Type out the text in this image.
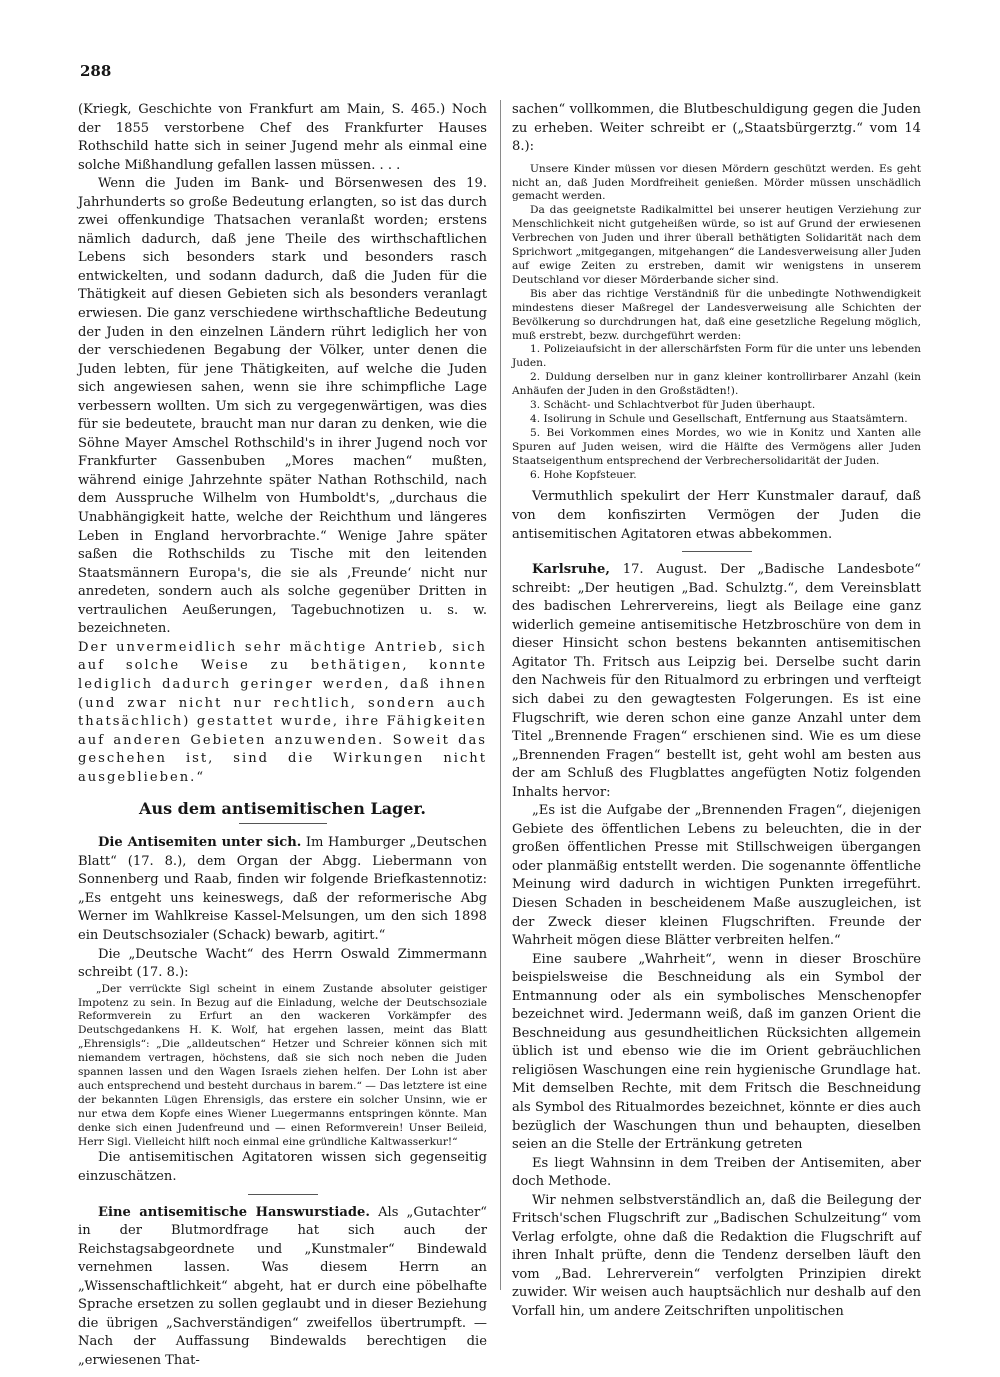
288

(Kriegk, Geschichte von Frankfurt am Main, S. 465.) Noch der 1855 verstorbene Chef des Frankfurter Hauses Rothschild hatte sich in seiner Jugend mehr als einmal eine solche Mißhandlung gefallen lassen müssen. . . .

Wenn die Juden im Bank- und Börsenwesen des 19. Jahrhunderts so große Bedeutung erlangten, so ist das durch zwei offenkundige Thatsachen veranlaßt worden; erstens nämlich dadurch, daß jene Theile des wirthschaftlichen Lebens sich besonders stark und besonders rasch entwickelten, und sodann dadurch, daß die Juden für die Thätigkeit auf diesen Gebieten sich als besonders veranlagt erwiesen. Die ganz verschiedene wirthschaftliche Bedeutung der Juden in den einzelnen Ländern rührt lediglich her von der verschiedenen Begabung der Völker, unter denen die Juden lebten, für jene Thätigkeiten, auf welche die Juden sich angewiesen sahen, wenn sie ihre schimpfliche Lage verbessern wollten. Um sich zu vergegenwärtigen, was dies für sie bedeutete, braucht man nur daran zu denken, wie die Söhne Mayer Amschel Rothschild's in ihrer Jugend noch vor Frankfurter Gassenbuben „Mores machen“ mußten, während einige Jahrzehnte später Nathan Rothschild, nach dem Ausspruche Wilhelm von Humboldt's, „durchaus die Unabhängigkeit hatte, welche der Reichthum und längeres Leben in England hervorbrachte.“ Wenige Jahre später saßen die Rothschilds zu Tische mit den leitenden Staatsmännern Europa's, die sie als ‚Freunde‘ nicht nur anredeten, sondern auch als solche gegenüber Dritten in vertraulichen Aeußerungen, Tagebuchnotizen u. s. w. bezeichneten.

Der unvermeidlich sehr mächtige Antrieb, sich auf solche Weise zu bethätigen, konnte lediglich dadurch geringer werden, daß ihnen (und zwar nicht nur rechtlich, sondern auch thatsächlich) gestattet wurde, ihre Fähigkeiten auf anderen Gebieten anzuwenden. Soweit das geschehen ist, sind die Wirkungen nicht ausgeblieben.“

Aus dem antisemitischen Lager.

Die Antisemiten unter sich. Im Hamburger „Deutschen Blatt“ (17. 8.), dem Organ der Abgg. Liebermann von Sonnenberg und Raab, finden wir folgende Briefkastennotiz: „Es entgeht uns keineswegs, daß der reformerische Abg Werner im Wahlkreise Kassel-Melsungen, um den sich 1898 ein Deutschsozialer (Schack) bewarb, agitirt.“

Die „Deutsche Wacht“ des Herrn Oswald Zimmermann schreibt (17. 8.):

„Der verrückte Sigl scheint in einem Zustande absoluter geistiger Impotenz zu sein. In Bezug auf die Einladung, welche der Deutschsoziale Reformverein zu Erfurt an den wackeren Vorkämpfer des Deutschgedankens H. K. Wolf, hat ergehen lassen, meint das Blatt „Ehrensigls“: „Die „alldeutschen“ Hetzer und Schreier können sich mit niemandem vertragen, höchstens, daß sie sich noch neben die Juden spannen lassen und den Wagen Israels ziehen helfen. Der Lohn ist aber auch entsprechend und besteht durchaus in barem.“ — Das letztere ist eine der bekannten Lügen Ehrensigls, das erstere ein solcher Unsinn, wie er nur etwa dem Kopfe eines Wiener Luegermanns entspringen könnte. Man denke sich einen Judenfreund und — einen Reformverein! Unser Beileid, Herr Sigl. Vielleicht hilft noch einmal eine gründliche Kaltwasserkur!“

Die antisemitischen Agitatoren wissen sich gegenseitig einzuschätzen.

Eine antisemitische Hanswurstiade. Als „Gutachter“ in der Blutmordfrage hat sich auch der Reichstagsabgeordnete und „Kunstmaler“ Bindewald vernehmen lassen. Was diesem Herrn an „Wissenschaftlichkeit“ abgeht, hat er durch eine pöbelhafte Sprache ersetzen zu sollen geglaubt und in dieser Beziehung die übrigen „Sachverständigen“ zweifellos übertrumpft. — Nach der Auffassung Bindewalds berechtigen die „erwiesenen That-

sachen“ vollkommen, die Blutbeschuldigung gegen die Juden zu erheben. Weiter schreibt er („Staatsbürgerztg.“ vom 14 8.):

Unsere Kinder müssen vor diesen Mördern geschützt werden. Es geht nicht an, daß Juden Mordfreiheit genießen. Mörder müssen unschädlich gemacht werden.

Da das geeignetste Radikalmittel bei unserer heutigen Verziehung zur Menschlichkeit nicht gutgeheißen würde, so ist auf Grund der erwiesenen Verbrechen von Juden und ihrer überall bethätigten Solidarität nach dem Sprichwort „mitgegangen, mitgehangen“ die Landesverweisung aller Juden auf ewige Zeiten zu erstreben, damit wir wenigstens in unserem Deutschland vor dieser Mörderbande sicher sind.

Bis aber das richtige Verständniß für die unbedingte Nothwendigkeit mindestens dieser Maßregel der Landesverweisung alle Schichten der Bevölkerung so durchdrungen hat, daß eine gesetzliche Regelung möglich, muß erstrebt, bezw. durchgeführt werden:

1. Polizeiaufsicht in der allerschärfsten Form für die unter uns lebenden Juden.

2. Duldung derselben nur in ganz kleiner kontrollirbarer Anzahl (kein Anhäufen der Juden in den Großstädten!).

3. Schächt- und Schlachtverbot für Juden überhaupt.

4. Isolirung in Schule und Gesellschaft, Entfernung aus Staatsämtern.

5. Bei Vorkommen eines Mordes, wo wie in Konitz und Xanten alle Spuren auf Juden weisen, wird die Hälfte des Vermögens aller Juden Staatseigenthum entsprechend der Verbrechersolidarität der Juden.

6. Hohe Kopfsteuer.

Vermuthlich spekulirt der Herr Kunstmaler darauf, daß von dem konfiszirten Vermögen der Juden die antisemitischen Agitatoren etwas abbekommen.

Karlsruhe, 17. August. Der „Badische Landesbote“ schreibt: „Der heutigen „Bad. Schulztg.“, dem Vereinsblatt des badischen Lehrervereins, liegt als Beilage eine ganz widerlich gemeine antisemitische Hetzbroschüre von dem in dieser Hinsicht schon bestens bekannten antisemitischen Agitator Th. Fritsch aus Leipzig bei. Derselbe sucht darin den Nachweis für den Ritualmord zu erbringen und verfteigt sich dabei zu den gewagtesten Folgerungen. Es ist eine Flugschrift, wie deren schon eine ganze Anzahl unter dem Titel „Brennende Fragen“ erschienen sind. Wie es um diese „Brennenden Fragen“ bestellt ist, geht wohl am besten aus der am Schluß des Flugblattes angefügten Notiz folgenden Inhalts hervor:

„Es ist die Aufgabe der „Brennenden Fragen“, diejenigen Gebiete des öffentlichen Lebens zu beleuchten, die in der großen öffentlichen Presse mit Stillschweigen übergangen oder planmäßig entstellt werden. Die sogenannte öffentliche Meinung wird dadurch in wichtigen Punkten irregeführt. Diesen Schaden in bescheidenem Maße auszugleichen, ist der Zweck dieser kleinen Flugschriften. Freunde der Wahrheit mögen diese Blätter verbreiten helfen.“

Eine saubere „Wahrheit“, wenn in dieser Broschüre beispielsweise die Beschneidung als ein Symbol der Entmannung oder als ein symbolisches Menschenopfer bezeichnet wird. Jedermann weiß, daß im ganzen Orient die Beschneidung aus gesundheitlichen Rücksichten allgemein üblich ist und ebenso wie die im Orient gebräuchlichen religiösen Waschungen eine rein hygienische Grundlage hat. Mit demselben Rechte, mit dem Fritsch die Beschneidung als Symbol des Ritualmordes bezeichnet, könnte er dies auch bezüglich der Waschungen thun und behaupten, dieselben seien an die Stelle der Ertränkung getreten

Es liegt Wahnsinn in dem Treiben der Antisemiten, aber doch Methode.

Wir nehmen selbstverständlich an, daß die Beilegung der Fritsch'schen Flugschrift zur „Badischen Schulzeitung“ vom Verlag erfolgte, ohne daß die Redaktion die Flugschrift auf ihren Inhalt prüfte, denn die Tendenz derselben läuft den vom „Bad. Lehrerverein“ verfolgten Prinzipien direkt zuwider. Wir weisen auch hauptsächlich nur deshalb auf den Vorfall hin, um andere Zeitschriften unpolitischen
